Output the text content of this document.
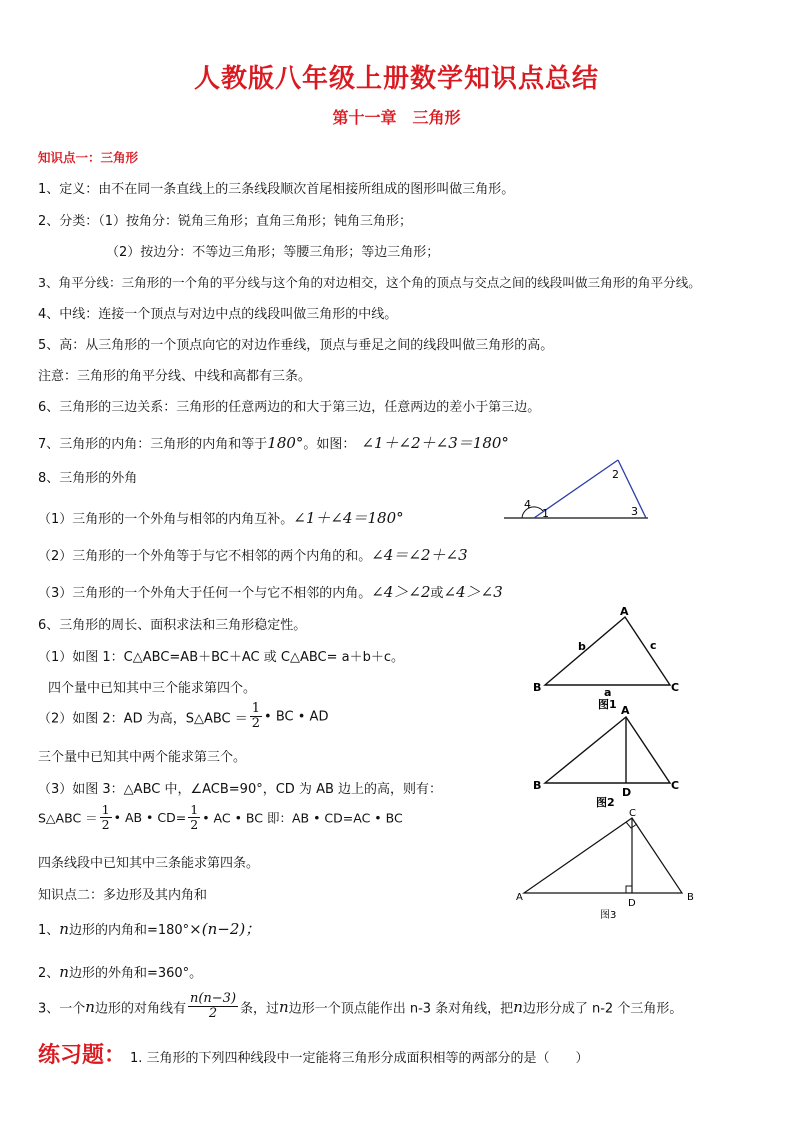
人教版八年级上册数学知识点总结
第十一章　三角形
知识点一：三角形
1、定义：由不在同一条直线上的三条线段顺次首尾相接所组成的图形叫做三角形。
2、分类：（1）按角分：锐角三角形；直角三角形；钝角三角形；
（2）按边分：不等边三角形；等腰三角形；等边三角形；
3、角平分线：三角形的一个角的平分线与这个角的对边相交，这个角的顶点与交点之间的线段叫做三角形的角平分线。
4、中线：连接一个顶点与对边中点的线段叫做三角形的中线。
5、高：从三角形的一个顶点向它的对边作垂线，顶点与垂足之间的线段叫做三角形的高。
注意：三角形的角平分线、中线和高都有三条。
6、三角形的三边关系：三角形的任意两边的和大于第三边，任意两边的差小于第三边。
7、三角形的内角：三角形的内角和等于180°。如图： ∠1＋∠2＋∠3＝180°
8、三角形的外角
（1）三角形的一个外角与相邻的内角互补。∠1＋∠4＝180°
（2）三角形的一个外角等于与它不相邻的两个内角的和。∠4＝∠2＋∠3
（3）三角形的一个外角大于任何一个与它不相邻的内角。∠4＞∠2或∠4＞∠3
6、三角形的周长、面积求法和三角形稳定性。
（1）如图 1：C△ABC=AB＋BC＋AC 或 C△ABC= a＋b＋c。
四个量中已知其中三个能求第四个。
（2）如图 2：AD 为高，S△ABC ＝ $\frac{1}{2}$ • BC • AD
三个量中已知其中两个能求第三个。
（3）如图 3：△ABC 中，∠ACB=90°，CD 为 AB 边上的高，则有：
S△ABC ＝ $\frac{1}{2}$ • AB • $CD= \frac{1}{2}$ • AC • BC 即：AB • CD=AC • BC
四条线段中已知其中三条能求第四条。
知识点二：多边形及其内角和
1、n边形的内角和=180°×(n−2)；
2、n边形的外角和=360°。
3、一个n边形的对角线有 $\frac{n(n-3)}{2}$ 条，过n边形一个顶点能作出 n-3 条对角线，把n边形分成了 n-2 个三角形。
练习题： 1. 三角形的下列四种线段中一定能将三角形分成面积相等的两部分的是（　　）
4
1
2
3
A
B	C
b	c
a
图1 A
B	C
D
图2
C
A	B
D
图3
